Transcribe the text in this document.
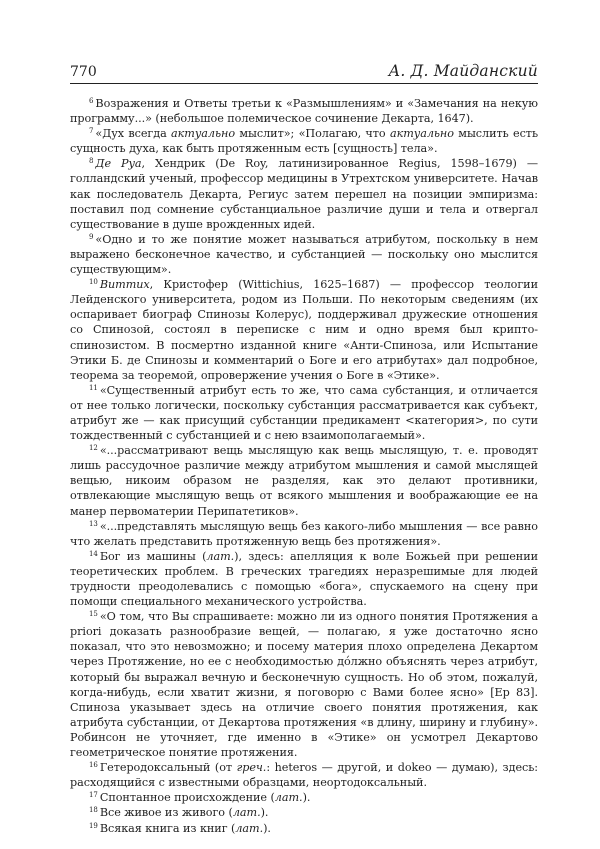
770	А. Д. Майданский

$^6$ Возражения и Ответы третьи к «Размышлениям» и «Замечания на некую программу...» (небольшое полемическое сочинение Декарта, 1647).

$^7$ «Дух всегда актуально мыслит»; «Полагаю, что актуально мыслить есть сущность духа, как быть протяженным есть [сущность] тела».

$^8$ Де Руа, Хендрик (De Roy, латинизированное Regius, 1598–1679) — голландский ученый, профессор медицины в Утрехтском университете. Начав как последователь Декарта, Региус затем перешел на позиции эмпиризма: поставил под сомнение субстанциальное различие души и тела и отвергал существование в душе врожденных идей.

$^9$ «Одно и то же понятие может называться атрибутом, поскольку в нем выражено бесконечное качество, и субстанцией — поскольку оно мыслится существующим».

$^{10}$ Виттих, Кристофер (Wittichius, 1625–1687) — профессор теологии Лейденского университета, родом из Польши. По некоторым сведениям (их оспаривает биограф Спинозы Колерус), поддерживал дружеские отношения со Спинозой, состоял в переписке с ним и одно время был крипто-спинозистом. В посмертно изданной книге «Анти-Спиноза, или Испытание Этики Б. де Спинозы и комментарий о Боге и его атрибутах» дал подробное, теорема за теоремой, опровержение учения о Боге в «Этике».

$^{11}$ «Существенный атрибут есть то же, что сама субстанция, и отличается от нее только логически, поскольку субстанция рассматривается как субъект, атрибут же — как присущий субстанции предикамент <категория>, по сути тождественный с субстанцией и с нею взаимополагаемый».

$^{12}$ «...рассматривают вещь мыслящую как вещь мыслящую, т. е. проводят лишь рассудочное различие между атрибутом мышления и самой мыслящей вещью, никоим образом не разделяя, как это делают противники, отвлекающие мыслящую вещь от всякого мышления и воображающие ее на манер первоматерии Перипатетиков».

$^{13}$ «...представлять мыслящую вещь без какого-либо мышления — все равно что желать представить протяженную вещь без протяжения».

$^{14}$ Бог из машины (лат.), здесь: апелляция к воле Божьей при решении теоретических проблем. В греческих трагедиях неразрешимые для людей трудности преодолевались с помощью «бога», спускаемого на сцену при помощи специального механического устройства.

$^{15}$ «О том, что Вы спрашиваете: можно ли из одного понятия Протяжения a priori доказать разнообразие вещей, — полагаю, я уже достаточно ясно показал, что это невозможно; и посему материя плохо определена Декартом через Протяжение, но ее с необходимостью дóлжно объяснять через атрибут, который бы выражал вечную и бесконечную сущность. Но об этом, пожалуй, когда-нибудь, если хватит жизни, я поговорю с Вами более ясно» [Ep 83]. Спиноза указывает здесь на отличие своего понятия протяжения, как атрибута субстанции, от Декартова протяжения «в длину, ширину и глубину». Робинсон не уточняет, где именно в «Этике» он усмотрел Декартово геометрическое понятие протяжения.

$^{16}$ Гетеродоксальный (от греч.: heteros — другой, и dokeo — думаю), здесь: расходящийся с известными образцами, неортодоксальный.

$^{17}$ Спонтанное происхождение (лат.).

$^{18}$ Все живое из живого (лат.).

$^{19}$ Всякая книга из книг (лат.).
